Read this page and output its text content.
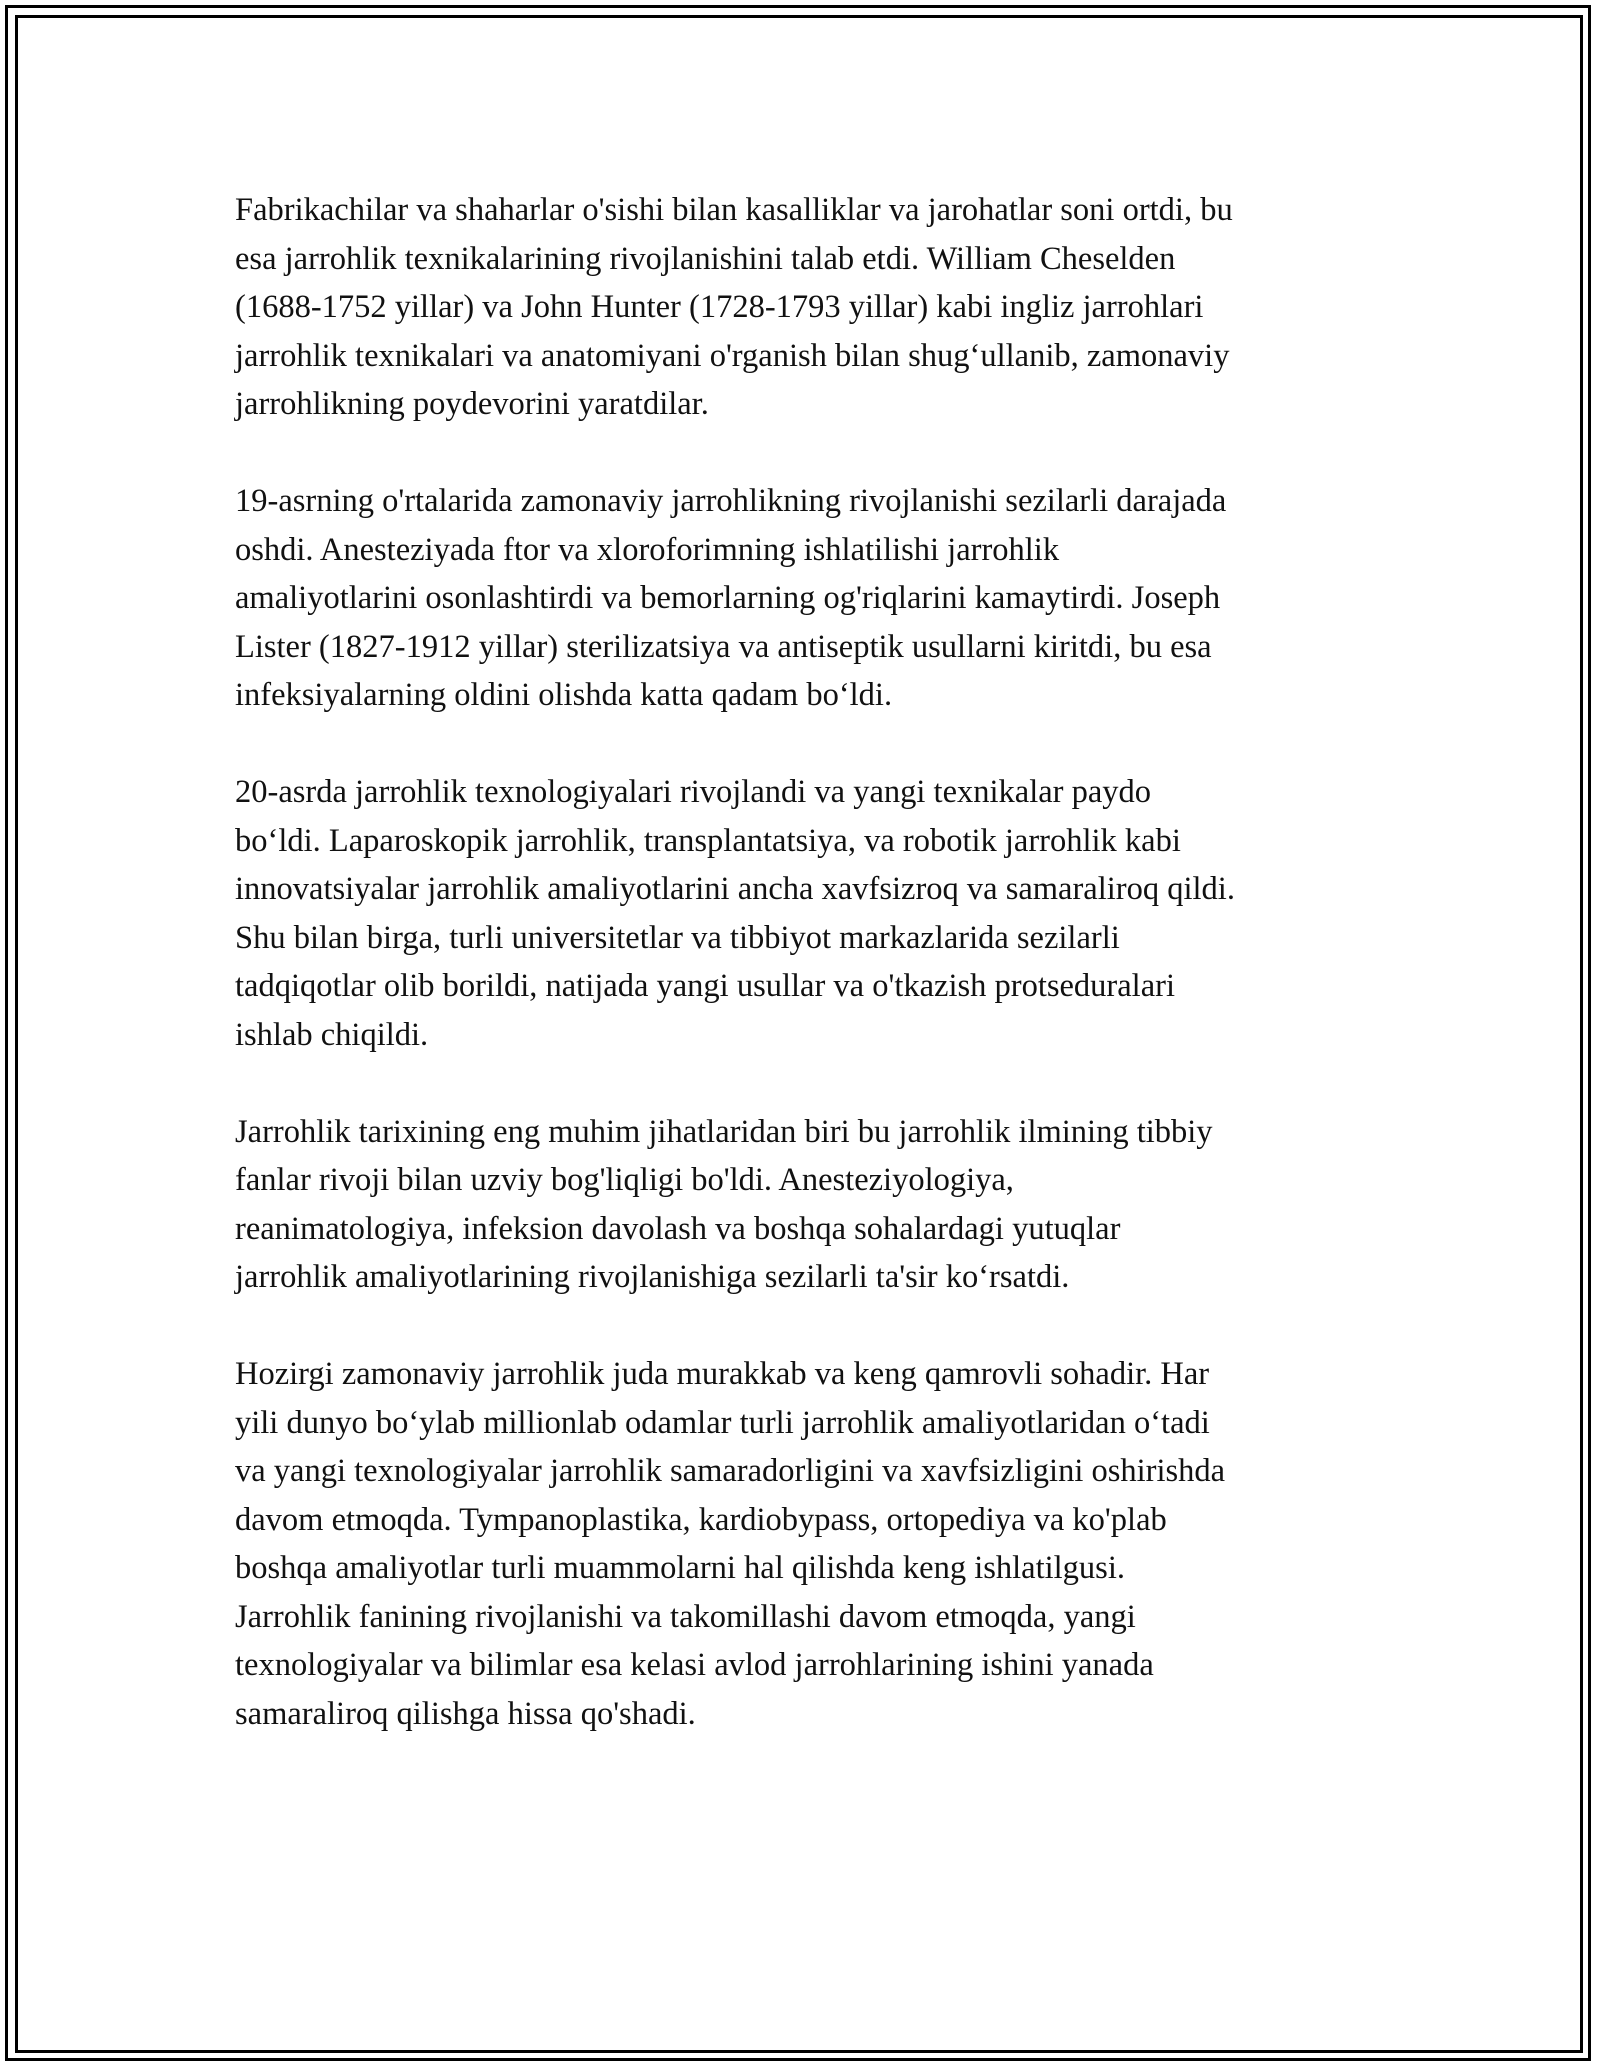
Fabrikachilar va shaharlar o'sishi bilan kasalliklar va jarohatlar soni ortdi, bu
esa jarrohlik texnikalarining rivojlanishini talab etdi. William Cheselden
(1688-1752 yillar) va John Hunter (1728-1793 yillar) kabi ingliz jarrohlari
jarrohlik texnikalari va anatomiyani o'rganish bilan shug‘ullanib, zamonaviy
jarrohlikning poydevorini yaratdilar.

19-asrning o'rtalarida zamonaviy jarrohlikning rivojlanishi sezilarli darajada
oshdi. Anesteziyada ftor va xloroforimning ishlatilishi jarrohlik
amaliyotlarini osonlashtirdi va bemorlarning og'riqlarini kamaytirdi. Joseph
Lister (1827-1912 yillar) sterilizatsiya va antiseptik usullarni kiritdi, bu esa
infeksiyalarning oldini olishda katta qadam bo‘ldi.

20-asrda jarrohlik texnologiyalari rivojlandi va yangi texnikalar paydo
bo‘ldi. Laparoskopik jarrohlik, transplantatsiya, va robotik jarrohlik kabi
innovatsiyalar jarrohlik amaliyotlarini ancha xavfsizroq va samaraliroq qildi.
Shu bilan birga, turli universitetlar va tibbiyot markazlarida sezilarli
tadqiqotlar olib borildi, natijada yangi usullar va o'tkazish protseduralari
ishlab chiqildi.

Jarrohlik tarixining eng muhim jihatlaridan biri bu jarrohlik ilmining tibbiy
fanlar rivoji bilan uzviy bog'liqligi bo'ldi. Anesteziyologiya,
reanimatologiya, infeksion davolash va boshqa sohalardagi yutuqlar
jarrohlik amaliyotlarining rivojlanishiga sezilarli ta'sir ko‘rsatdi.

Hozirgi zamonaviy jarrohlik juda murakkab va keng qamrovli sohadir. Har
yili dunyo bo‘ylab millionlab odamlar turli jarrohlik amaliyotlaridan o‘tadi
va yangi texnologiyalar jarrohlik samaradorligini va xavfsizligini oshirishda
davom etmoqda. Tympanoplastika, kardiobypass, ortopediya va ko'plab
boshqa amaliyotlar turli muammolarni hal qilishda keng ishlatilgusi.
Jarrohlik fanining rivojlanishi va takomillashi davom etmoqda, yangi
texnologiyalar va bilimlar esa kelasi avlod jarrohlarining ishini yanada
samaraliroq qilishga hissa qo'shadi.
